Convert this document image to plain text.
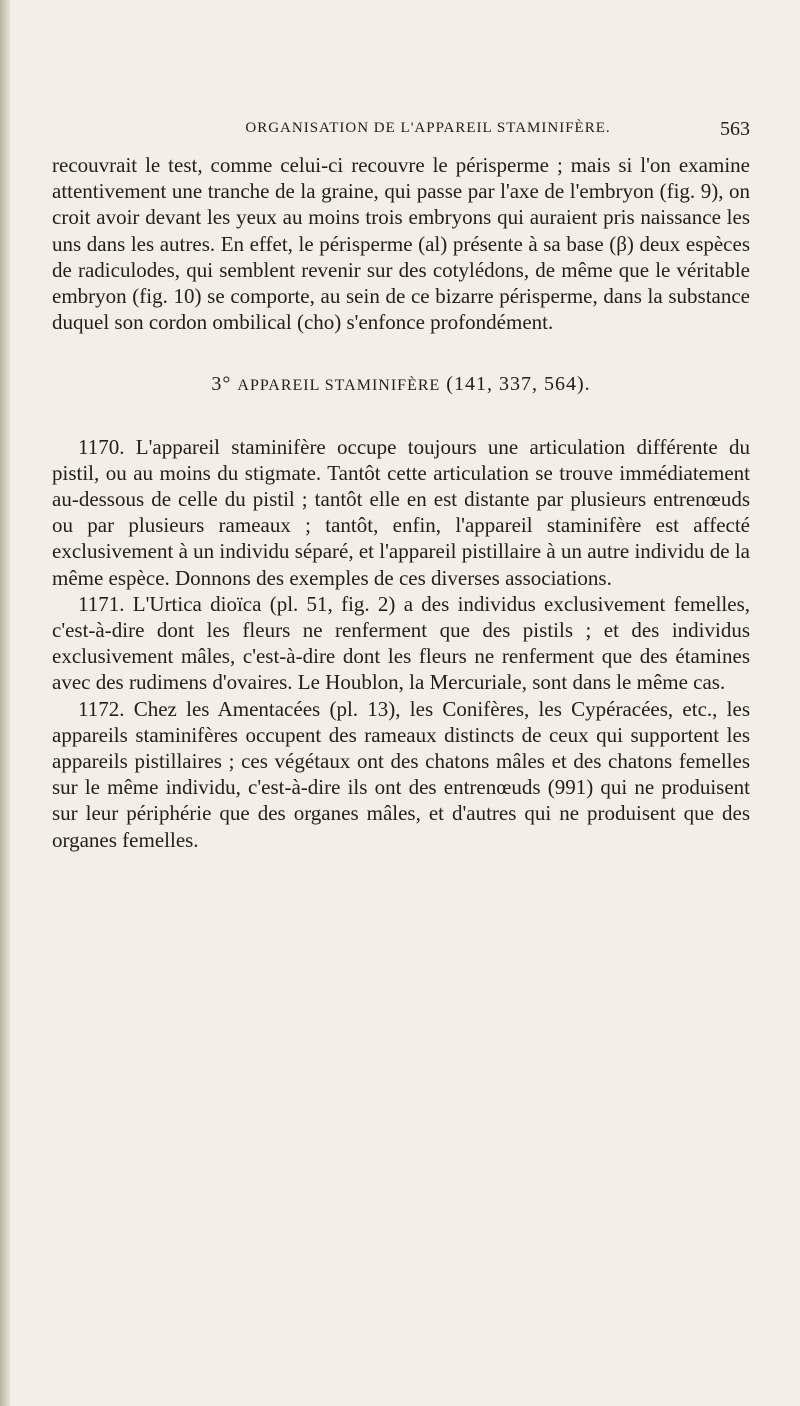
ORGANISATION DE L'APPAREIL STAMINIFÈRE.	563

recouvrait le test, comme celui-ci recouvre le périsperme ; mais si l'on examine attentivement une tranche de la graine, qui passe par l'axe de l'embryon (fig. 9), on croit avoir devant les yeux au moins trois embryons qui auraient pris naissance les uns dans les autres. En effet, le périsperme (al) présente à sa base (β) deux espèces de radiculodes, qui semblent revenir sur des cotylédons, de même que le véritable embryon (fig. 10) se comporte, au sein de ce bizarre périsperme, dans la substance duquel son cordon ombilical (cho) s'enfonce profondément.

3° APPAREIL STAMINIFÈRE (141, 337, 564).

1170. L'appareil staminifère occupe toujours une articulation différente du pistil, ou au moins du stigmate. Tantôt cette articulation se trouve immédiatement au-dessous de celle du pistil ; tantôt elle en est distante par plusieurs entrenœuds ou par plusieurs rameaux ; tantôt, enfin, l'appareil staminifère est affecté exclusivement à un individu séparé, et l'appareil pistillaire à un autre individu de la même espèce. Donnons des exemples de ces diverses associations.

1171. L'Urtica dioïca (pl. 51, fig. 2) a des individus exclusivement femelles, c'est-à-dire dont les fleurs ne renferment que des pistils ; et des individus exclusivement mâles, c'est-à-dire dont les fleurs ne renferment que des étamines avec des rudimens d'ovaires. Le Houblon, la Mercuriale, sont dans le même cas.

1172. Chez les Amentacées (pl. 13), les Conifères, les Cypéracées, etc., les appareils staminifères occupent des rameaux distincts de ceux qui supportent les appareils pistillaires ; ces végétaux ont des chatons mâles et des chatons femelles sur le même individu, c'est-à-dire ils ont des entrenœuds (991) qui ne produisent sur leur périphérie que des organes mâles, et d'autres qui ne produisent que des organes femelles.
